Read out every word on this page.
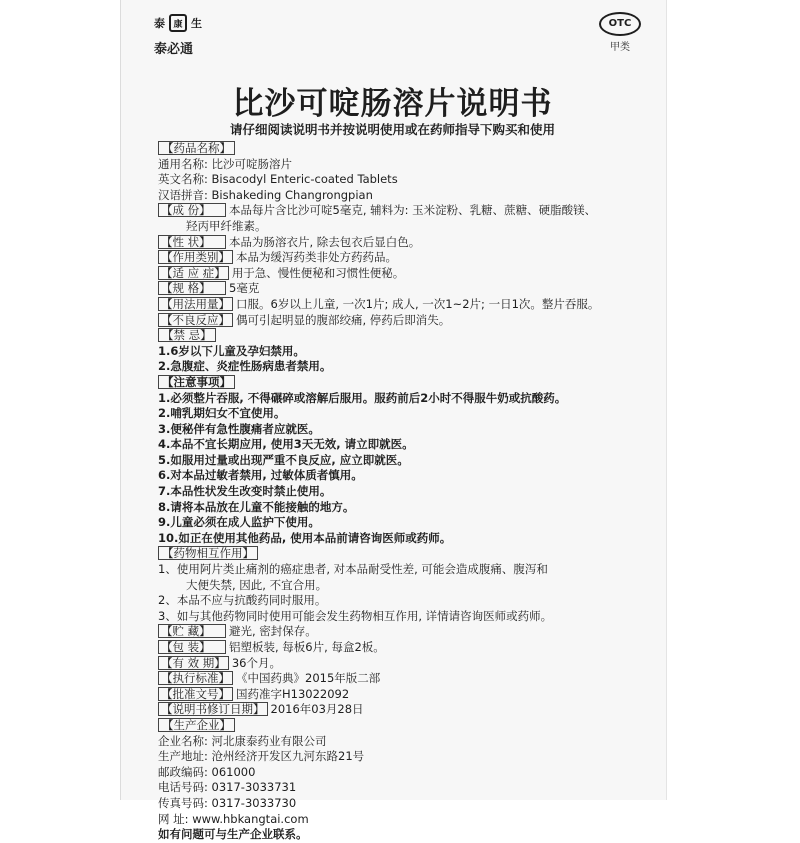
泰 康 生
泰必通
OTC
甲类
比沙可啶肠溶片说明书
请仔细阅读说明书并按说明使用或在药师指导下购买和使用
【药品名称】
通用名称: 比沙可啶肠溶片
英文名称: Bisacodyl Enteric-coated Tablets
汉语拼音: Bishakeding Changrongpian
【成 份】 本品每片含比沙可啶5毫克, 辅料为: 玉米淀粉、乳糖、蔗糖、硬脂酸镁、
羟丙甲纤维素。
【性 状】 本品为肠溶衣片, 除去包衣后显白色。
【作用类别】 本品为缓泻药类非处方药药品。
【适 应 症】 用于急、慢性便秘和习惯性便秘。
【规 格】 5毫克
【用法用量】 口服。6岁以上儿童, 一次1片; 成人, 一次1~2片; 一日1次。整片吞服。
【不良反应】 偶可引起明显的腹部绞痛, 停药后即消失。
【禁 忌】
1.6岁以下儿童及孕妇禁用。
2.急腹症、炎症性肠病患者禁用。
【注意事项】
1.必须整片吞服, 不得碾碎或溶解后服用。服药前后2小时不得服牛奶或抗酸药。
2.哺乳期妇女不宜使用。
3.便秘伴有急性腹痛者应就医。
4.本品不宜长期应用, 使用3天无效, 请立即就医。
5.如服用过量或出现严重不良反应, 应立即就医。
6.对本品过敏者禁用, 过敏体质者慎用。
7.本品性状发生改变时禁止使用。
8.请将本品放在儿童不能接触的地方。
9.儿童必须在成人监护下使用。
10.如正在使用其他药品, 使用本品前请咨询医师或药师。
【药物相互作用】
1、使用阿片类止痛剂的癌症患者, 对本品耐受性差, 可能会造成腹痛、腹泻和
大便失禁, 因此, 不宜合用。
2、本品不应与抗酸药同时服用。
3、如与其他药物同时使用可能会发生药物相互作用, 详情请咨询医师或药师。
【贮 藏】 避光, 密封保存。
【包 装】 铝塑板装, 每板6片, 每盒2板。
【有 效 期】 36个月。
【执行标准】 《中国药典》2015年版二部
【批准文号】 国药准字H13022092
【说明书修订日期】 2016年03月28日
【生产企业】
企业名称: 河北康泰药业有限公司
生产地址: 沧州经济开发区九河东路21号
邮政编码: 061000
电话号码: 0317-3033731
传真号码: 0317-3033730
网 址: www.hbkangtai.com
如有问题可与生产企业联系。
